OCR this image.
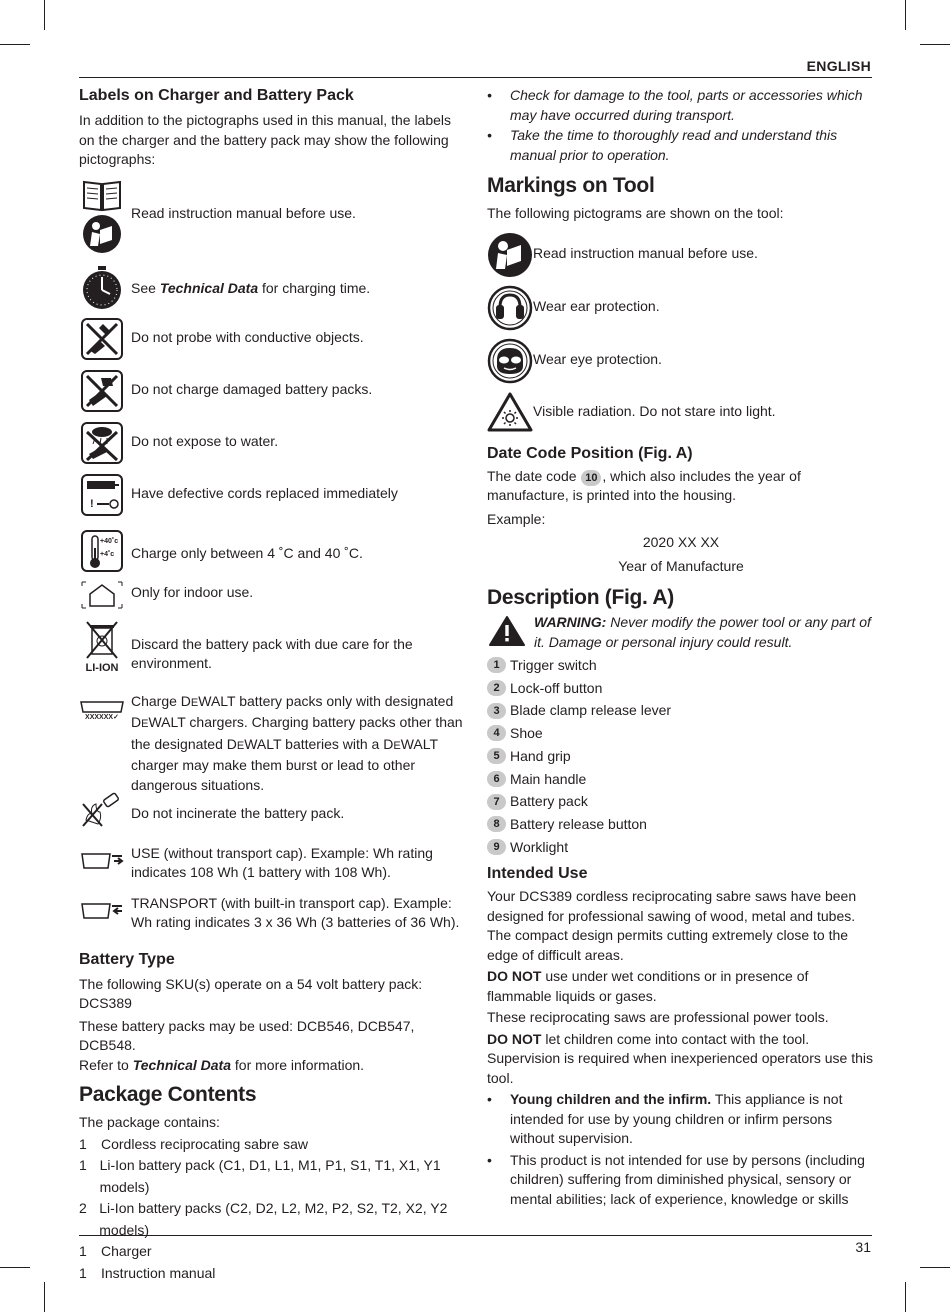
ENGLISH
31
Labels on Charger and Battery Pack

In addition to the pictographs used in this manual, the labels on the charger and the battery pack may show the following pictographs:

Read instruction manual before use.
See Technical Data for charging time.
Do not probe with conductive objects.
Do not charge damaged battery packs.
Do not expose to water.
!
Have defective cords replaced immediately
+40˚c
+4˚c Charge only between 4 ˚C and 40 ˚C.
Only for indoor use.
LI-ION
Discard the battery pack with due care for the environment.
XXXXXX✓
Charge DEWALT battery packs only with designated DEWALT chargers. Charging battery packs other than the designated DEWALT batteries with a DEWALT charger may make them burst or lead to other dangerous situations.
Do not incinerate the battery pack.
USE (without transport cap). Example: Wh rating indicates 108 Wh (1 battery with 108 Wh).
TRANSPORT (with built-in transport cap). Example: Wh rating indicates 3 x 36 Wh (3 batteries of 36 Wh).
Battery Type

The following SKU(s) operate on a 54 volt battery pack: DCS389

These battery packs may be used: DCB546, DCB547, DCB548.

Refer to Technical Data for more information.

Package Contents

The package contains:

1	Cordless reciprocating sabre saw
1 Li-Ion battery pack (C1, D1, L1, M1, P1, S1, T1, X1, Y1 models)
2 Li-Ion battery packs (C2, D2, L2, M2, P2, S2, T2, X2, Y2 models)
1	Charger
1	Instruction manual
• Check for damage to the tool, parts or accessories which may have occurred during transport.
• Take the time to thoroughly read and understand this manual prior to operation.
Markings on Tool

The following pictograms are shown on the tool:

Read instruction manual before use.
Wear ear protection.
Wear eye protection.
Visible radiation. Do not stare into light.
Date Code Position (Fig. A)

The date code 10 , which also includes the year of manufacture, is printed into the housing.

Example:

2020 XX XX

Year of Manufacture

Description (Fig. A)
WARNING: Never modify the power tool or any part of it. Damage or personal injury could result.
1 Trigger switch
2 Lock-off button
3 Blade clamp release lever
4 Shoe
5 Hand grip
6 Main handle
7 Battery pack
8 Battery release button
9 Worklight
Intended Use

Your DCS389 cordless reciprocating sabre saws have been designed for professional sawing of wood, metal and tubes. The compact design permits cutting extremely close to the edge of difficult areas.

DO NOT use under wet conditions or in presence of flammable liquids or gases.

These reciprocating saws are professional power tools.

DO NOT let children come into contact with the tool. Supervision is required when inexperienced operators use this tool.

• Young children and the infirm. This appliance is not intended for use by young children or infirm persons without supervision.
• This product is not intended for use by persons (including children) suffering from diminished physical, sensory or mental abilities; lack of experience, knowledge or skills
